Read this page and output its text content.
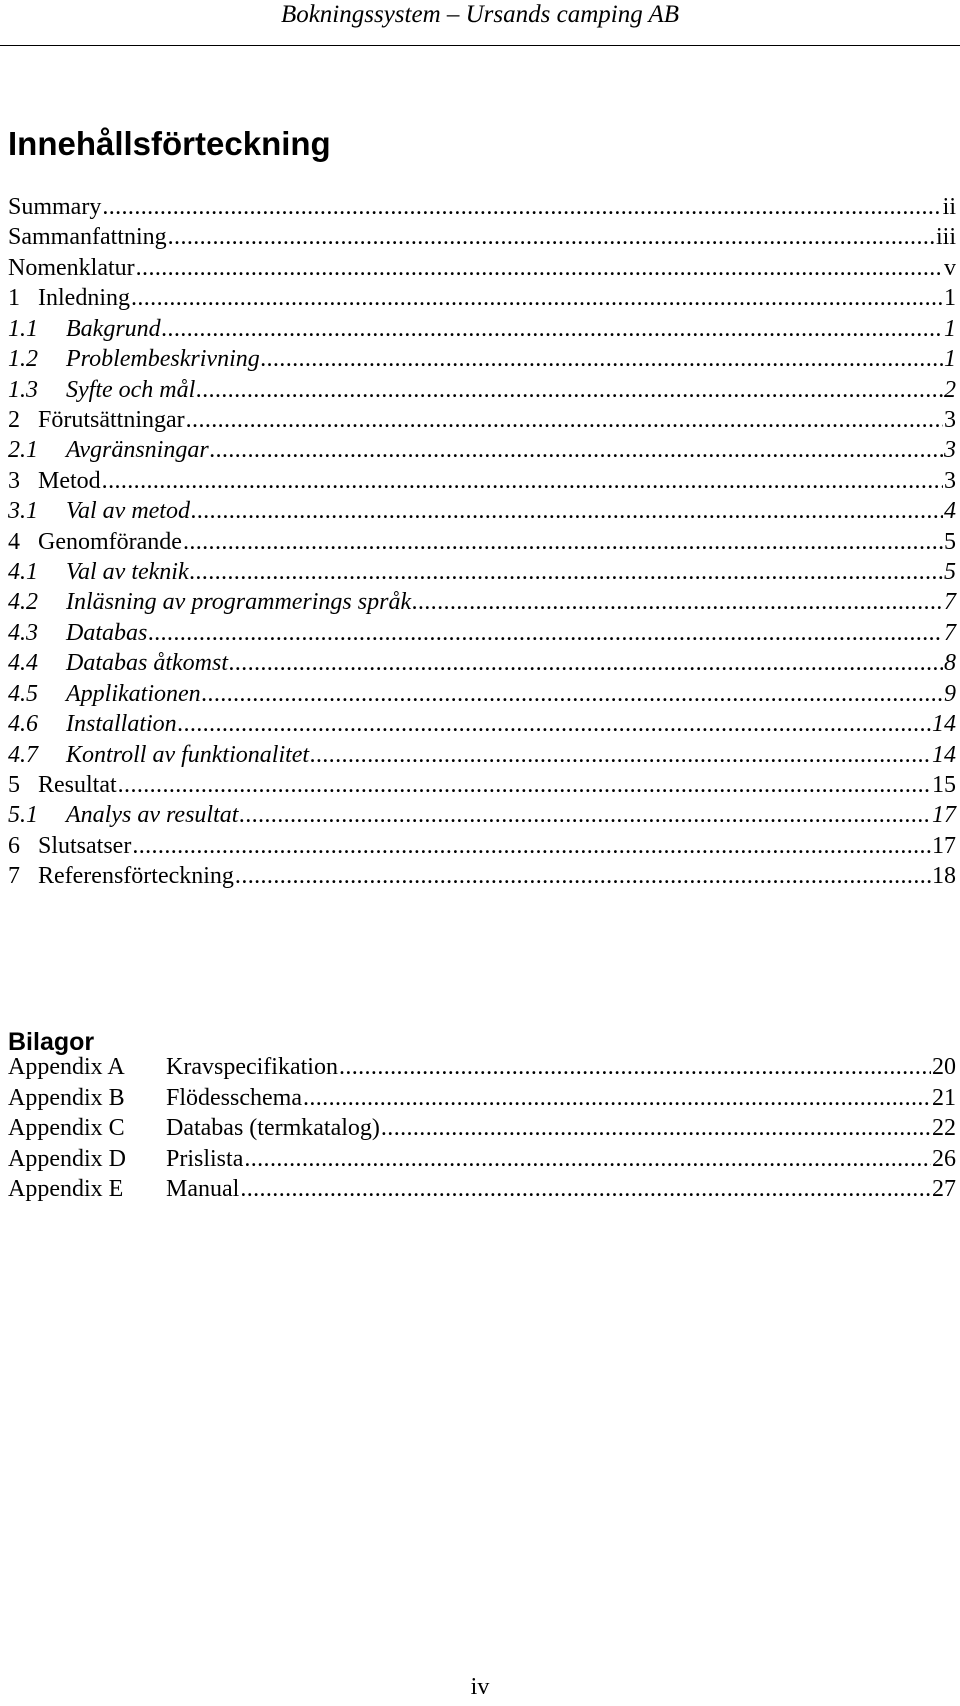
Bokningssystem – Ursands camping AB
Innehållsförteckning
Summary .....	ii
Sammanfattning .....	iii
Nomenklatur .....	v
1 Inledning .....	1
1.1	Bakgrund .....	1
1.2	Problembeskrivning .....	1
1.3	Syfte och mål .....	2
2 Förutsättningar .....	3
2.1	Avgränsningar .....	3
3 Metod .....	3
3.1	Val av metod .....	4
4 Genomförande .....	5
4.1	Val av teknik .....	5
4.2	Inläsning av programmerings språk .....	7
4.3	Databas .....	7
4.4	Databas åtkomst .....	8
4.5	Applikationen .....	9
4.6	Installation .....	14
4.7	Kontroll av funktionalitet .....	14
5 Resultat .....	15
5.1	Analys av resultat .....	17
6 Slutsatser .....	17
7 Referensförteckning .....	18
Bilagor
Appendix A	Kravspecifikation .....	20
Appendix B	Flödesschema .....	21
Appendix C	Databas (termkatalog) .....	22
Appendix D	Prislista .....	26
Appendix E	Manual .....	27
iv
